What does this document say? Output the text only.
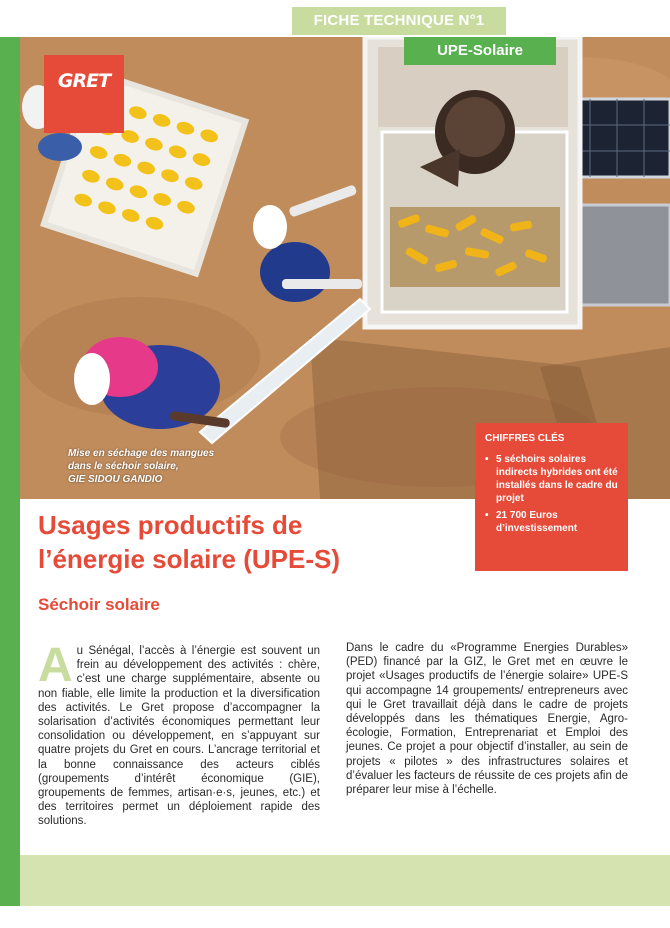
FICHE TECHNIQUE N°1
UPE-Solaire
GRET
Mise en séchage des mangues
dans le séchoir solaire,
GIE SIDOU GANDIO
CHIFFRES CLÉS
• 5 séchoirs solaires indirects hybrides ont été installés dans le cadre du projet
• 21 700 Euros d’investissement
Usages productifs de
l’énergie solaire (UPE-S)
Séchoir solaire
Au Sénégal, l’accès à l’énergie est souvent un frein au développement des activités : chère, c’est une charge supplémentaire, absente ou non fiable, elle limite la production et la diversification des activités. Le Gret propose d’accompagner la solarisation d’activités économiques permettant leur consolidation ou développement, en s’appuyant sur quatre projets du Gret en cours. L’ancrage territorial et la bonne connaissance des acteurs ciblés (groupements d’intérêt économique (GIE), groupements de femmes, artisan·e·s, jeunes, etc.) et des territoires permet un déploiement rapide des solutions.
Dans le cadre du «Programme Energies Durables» (PED) financé par la GIZ, le Gret met en œuvre le projet «Usages productifs de l’énergie solaire» UPE-S qui accompagne 14 groupements/ entrepreneurs avec qui le Gret travaillait déjà dans le cadre de projets développés dans les thématiques Energie, Agro-écologie, Formation, Entreprenariat et Emploi des jeunes. Ce projet a pour objectif d’installer, au sein de projets « pilotes » des infrastructures solaires et d’évaluer les facteurs de réussite de ces projets afin de préparer leur mise à l’échelle.
